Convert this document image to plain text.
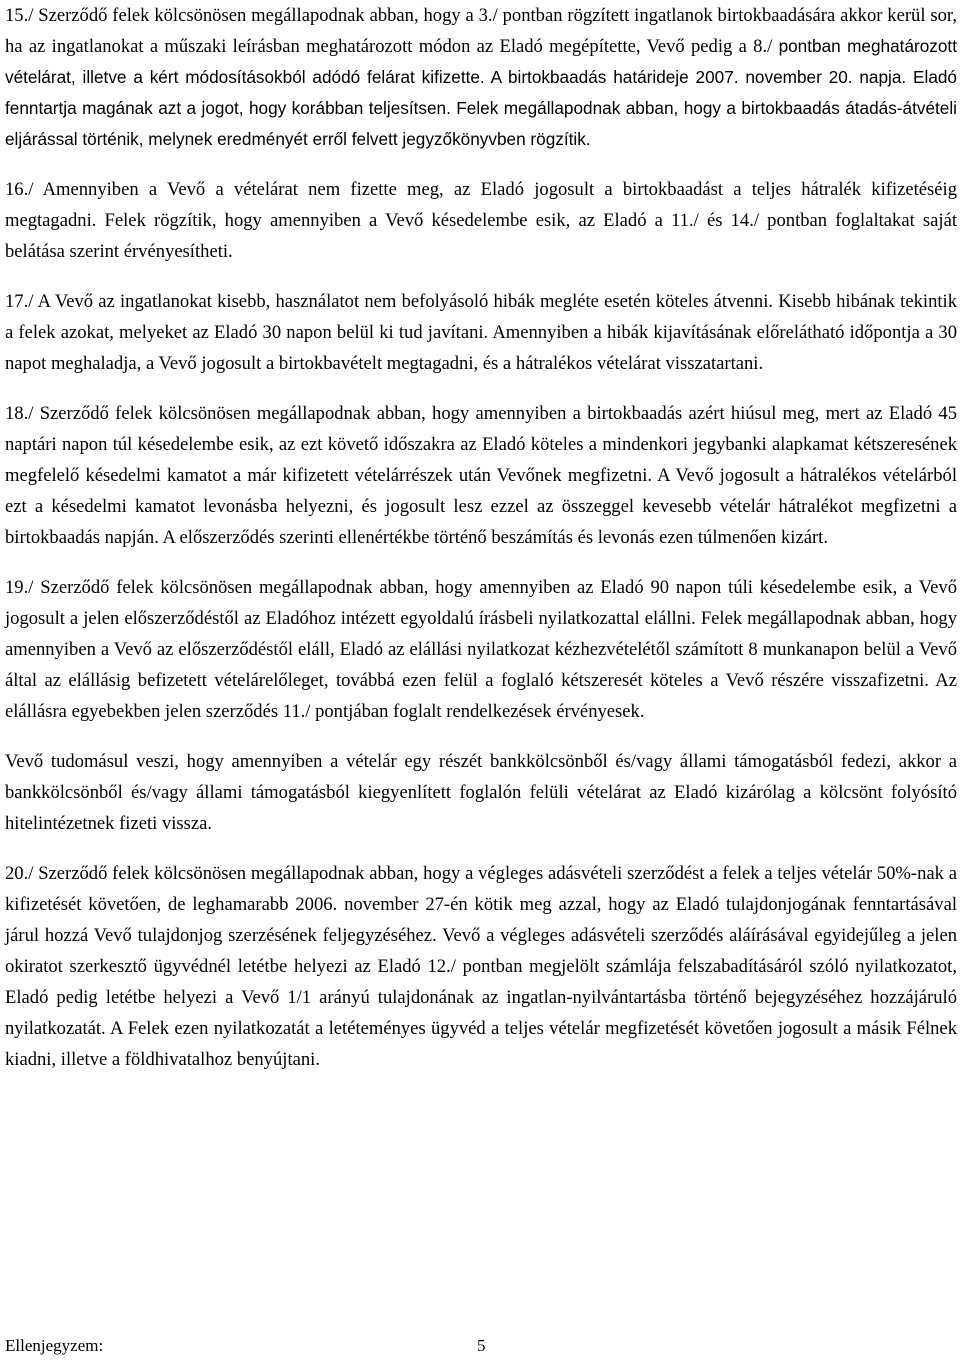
15./ Szerződő felek kölcsönösen megállapodnak abban, hogy a 3./ pontban rögzített ingatlanok birtokbaadására akkor kerül sor, ha az ingatlanokat a műszaki leírásban meghatározott módon az Eladó megépítette, Vevő pedig a 8./ pontban meghatározott vételárat, illetve a kért módosításokból adódó felárat kifizette. A birtokbaadás határideje 2007. november 20. napja. Eladó fenntartja magának azt a jogot, hogy korábban teljesítsen. Felek megállapodnak abban, hogy a birtokbaadás átadás-átvételi eljárással történik, melynek eredményét erről felvett jegyzőkönyvben rögzítik.

16./ Amennyiben a Vevő a vételárat nem fizette meg, az Eladó jogosult a birtokbaadást a teljes hátralék kifizetéséig megtagadni. Felek rögzítik, hogy amennyiben a Vevő késedelembe esik, az Eladó a 11./ és 14./ pontban foglaltakat saját belátása szerint érvényesítheti.

17./ A Vevő az ingatlanokat kisebb, használatot nem befolyásoló hibák megléte esetén köteles átvenni. Kisebb hibának tekintik a felek azokat, melyeket az Eladó 30 napon belül ki tud javítani. Amennyiben a hibák kijavításának előrelátható időpontja a 30 napot meghaladja, a Vevő jogosult a birtokbavételt megtagadni, és a hátralékos vételárat visszatartani.

18./ Szerződő felek kölcsönösen megállapodnak abban, hogy amennyiben a birtokbaadás azért hiúsul meg, mert az Eladó 45 naptári napon túl késedelembe esik, az ezt követő időszakra az Eladó köteles a mindenkori jegybanki alapkamat kétszeresének megfelelő késedelmi kamatot a már kifizetett vételárrészek után Vevőnek megfizetni. A Vevő jogosult a hátralékos vételárból ezt a késedelmi kamatot levonásba helyezni, és jogosult lesz ezzel az összeggel kevesebb vételár hátralékot megfizetni a birtokbaadás napján. A előszerződés szerinti ellenértékbe történő beszámítás és levonás ezen túlmenően kizárt.

19./ Szerződő felek kölcsönösen megállapodnak abban, hogy amennyiben az Eladó 90 napon túli késedelembe esik, a Vevő jogosult a jelen előszerződéstől az Eladóhoz intézett egyoldalú írásbeli nyilatkozattal elállni. Felek megállapodnak abban, hogy amennyiben a Vevő az előszerződéstől eláll, Eladó az elállási nyilatkozat kézhezvételétől számított 8 munkanapon belül a Vevő által az elállásig befizetett vételárelőleget, továbbá ezen felül a foglaló kétszeresét köteles a Vevő részére visszafizetni. Az elállásra egyebekben jelen szerződés 11./ pontjában foglalt rendelkezések érvényesek.

Vevő tudomásul veszi, hogy amennyiben a vételár egy részét bankkölcsönből és/vagy állami támogatásból fedezi, akkor a bankkölcsönből és/vagy állami támogatásból kiegyenlített foglalón felüli vételárat az Eladó kizárólag a kölcsönt folyósító hitelintézetnek fizeti vissza.

20./ Szerződő felek kölcsönösen megállapodnak abban, hogy a végleges adásvételi szerződést a felek a teljes vételár 50%-nak a kifizetését követően, de leghamarabb 2006. november 27-én kötik meg azzal, hogy az Eladó tulajdonjogának fenntartásával járul hozzá Vevő tulajdonjog szerzésének feljegyzéséhez. Vevő a végleges adásvételi szerződés aláírásával egyidejűleg a jelen okiratot szerkesztő ügyvédnél letétbe helyezi az Eladó 12./ pontban megjelölt számlája felszabadításáról szóló nyilatkozatot, Eladó pedig letétbe helyezi a Vevő 1/1 arányú tulajdonának az ingatlan-nyilvántartásba történő bejegyzéséhez hozzájáruló nyilatkozatát. A Felek ezen nyilatkozatát a letéteményes ügyvéd a teljes vételár megfizetését követően jogosult a másik Félnek kiadni, illetve a földhivatalhoz benyújtani.

Ellenjegyzem:	5
